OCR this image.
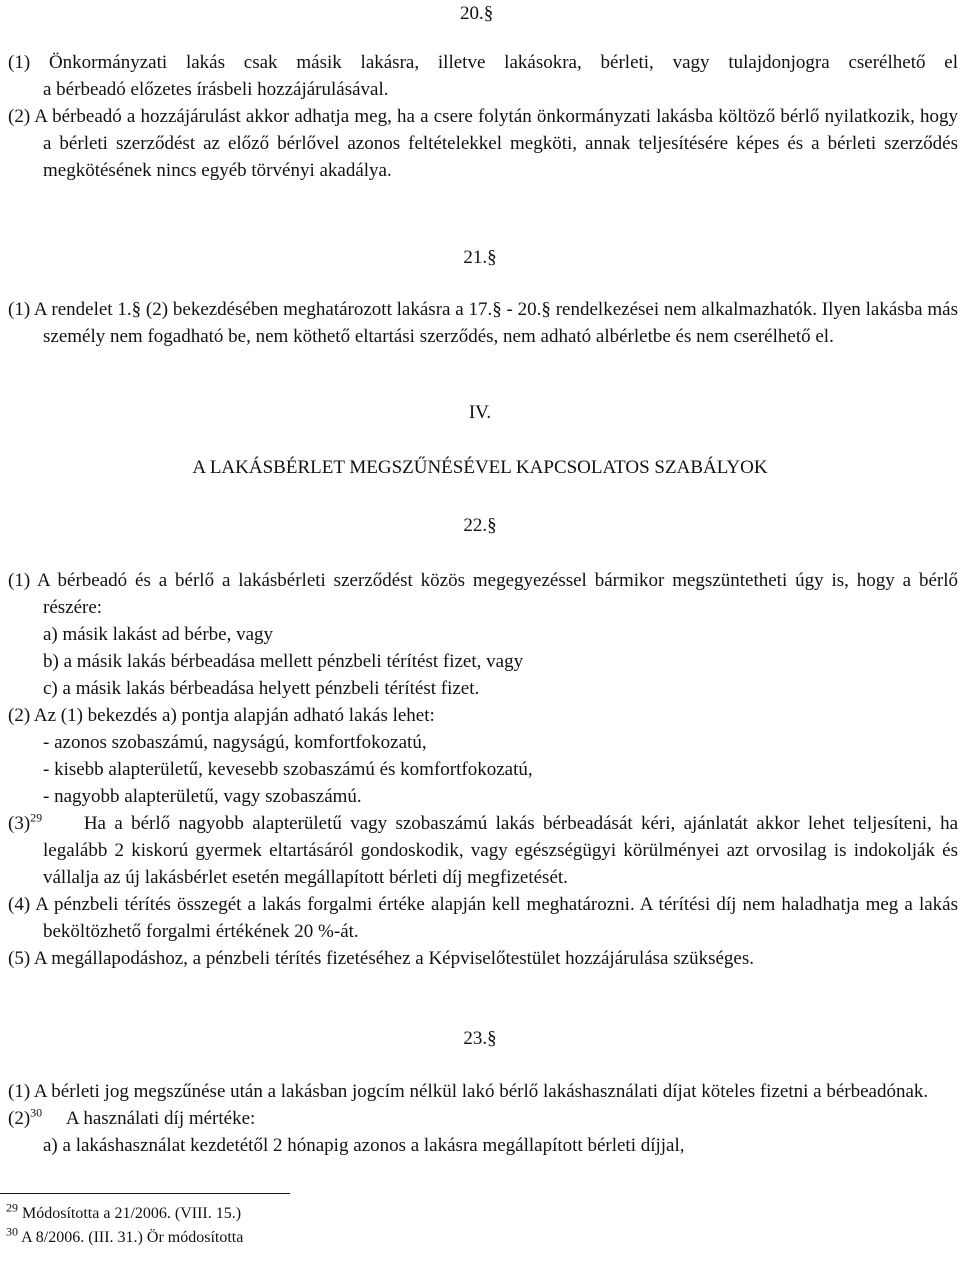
20.§

(1) Önkormányzati lakás csak másik lakásra, illetve lakásokra, bérleti, vagy tulajdonjogra cserélhető el

a bérbeadó előzetes írásbeli hozzájárulásával.

(2) A bérbeadó a hozzájárulást akkor adhatja meg, ha a csere folytán önkormányzati lakásba költöző bérlő nyilatkozik, hogy a bérleti szerződést az előző bérlővel azonos feltételekkel megköti, annak teljesítésére képes és a bérleti szerződés megkötésének nincs egyéb törvényi akadálya.

21.§

(1) A rendelet 1.§ (2) bekezdésében meghatározott lakásra a 17.§ - 20.§ rendelkezései nem alkalmazhatók. Ilyen lakásba más személy nem fogadható be, nem köthető eltartási szerződés, nem adható albérletbe és nem cserélhető el.

IV.
A LAKÁSBÉRLET MEGSZŰNÉSÉVEL KAPCSOLATOS SZABÁLYOK
22.§

(1) A bérbeadó és a bérlő a lakásbérleti szerződést közös megegyezéssel bármikor megszüntetheti úgy is, hogy a bérlő részére:

a) másik lakást ad bérbe, vagy

b) a másik lakás bérbeadása mellett pénzbeli térítést fizet, vagy

c) a másik lakás bérbeadása helyett pénzbeli térítést fizet.

(2) Az (1) bekezdés a) pontja alapján adható lakás lehet:

- azonos szobaszámú, nagyságú, komfortfokozatú,

- kisebb alapterületű, kevesebb szobaszámú és komfortfokozatú,

- nagyobb alapterületű, vagy szobaszámú.

$(3)^{29}$ Ha a bérlő nagyobb alapterületű vagy szobaszámú lakás bérbeadását kéri, ajánlatát akkor lehet teljesíteni, ha legalább 2 kiskorú gyermek eltartásáról gondoskodik, vagy egészségügyi körülményei azt orvosilag is indokolják és vállalja az új lakásbérlet esetén megállapított bérleti díj megfizetését.

(4) A pénzbeli térítés összegét a lakás forgalmi értéke alapján kell meghatározni. A térítési díj nem haladhatja meg a lakás beköltözhető forgalmi értékének 20 %-át.

(5) A megállapodáshoz, a pénzbeli térítés fizetéséhez a Képviselőtestület hozzájárulása szükséges.

23.§

(1) A bérleti jog megszűnése után a lakásban jogcím nélkül lakó bérlő lakáshasználati díjat köteles fizetni a bérbeadónak.

$(2)^{30}$ A használati díj mértéke:

a) a lakáshasználat kezdetétől 2 hónapig azonos a lakásra megállapított bérleti díjjal,

$^{29}$ Módosította a 21/2006. (VIII. 15.)
$^{30}$ A 8/2006. (III. 31.) Ör módosította
